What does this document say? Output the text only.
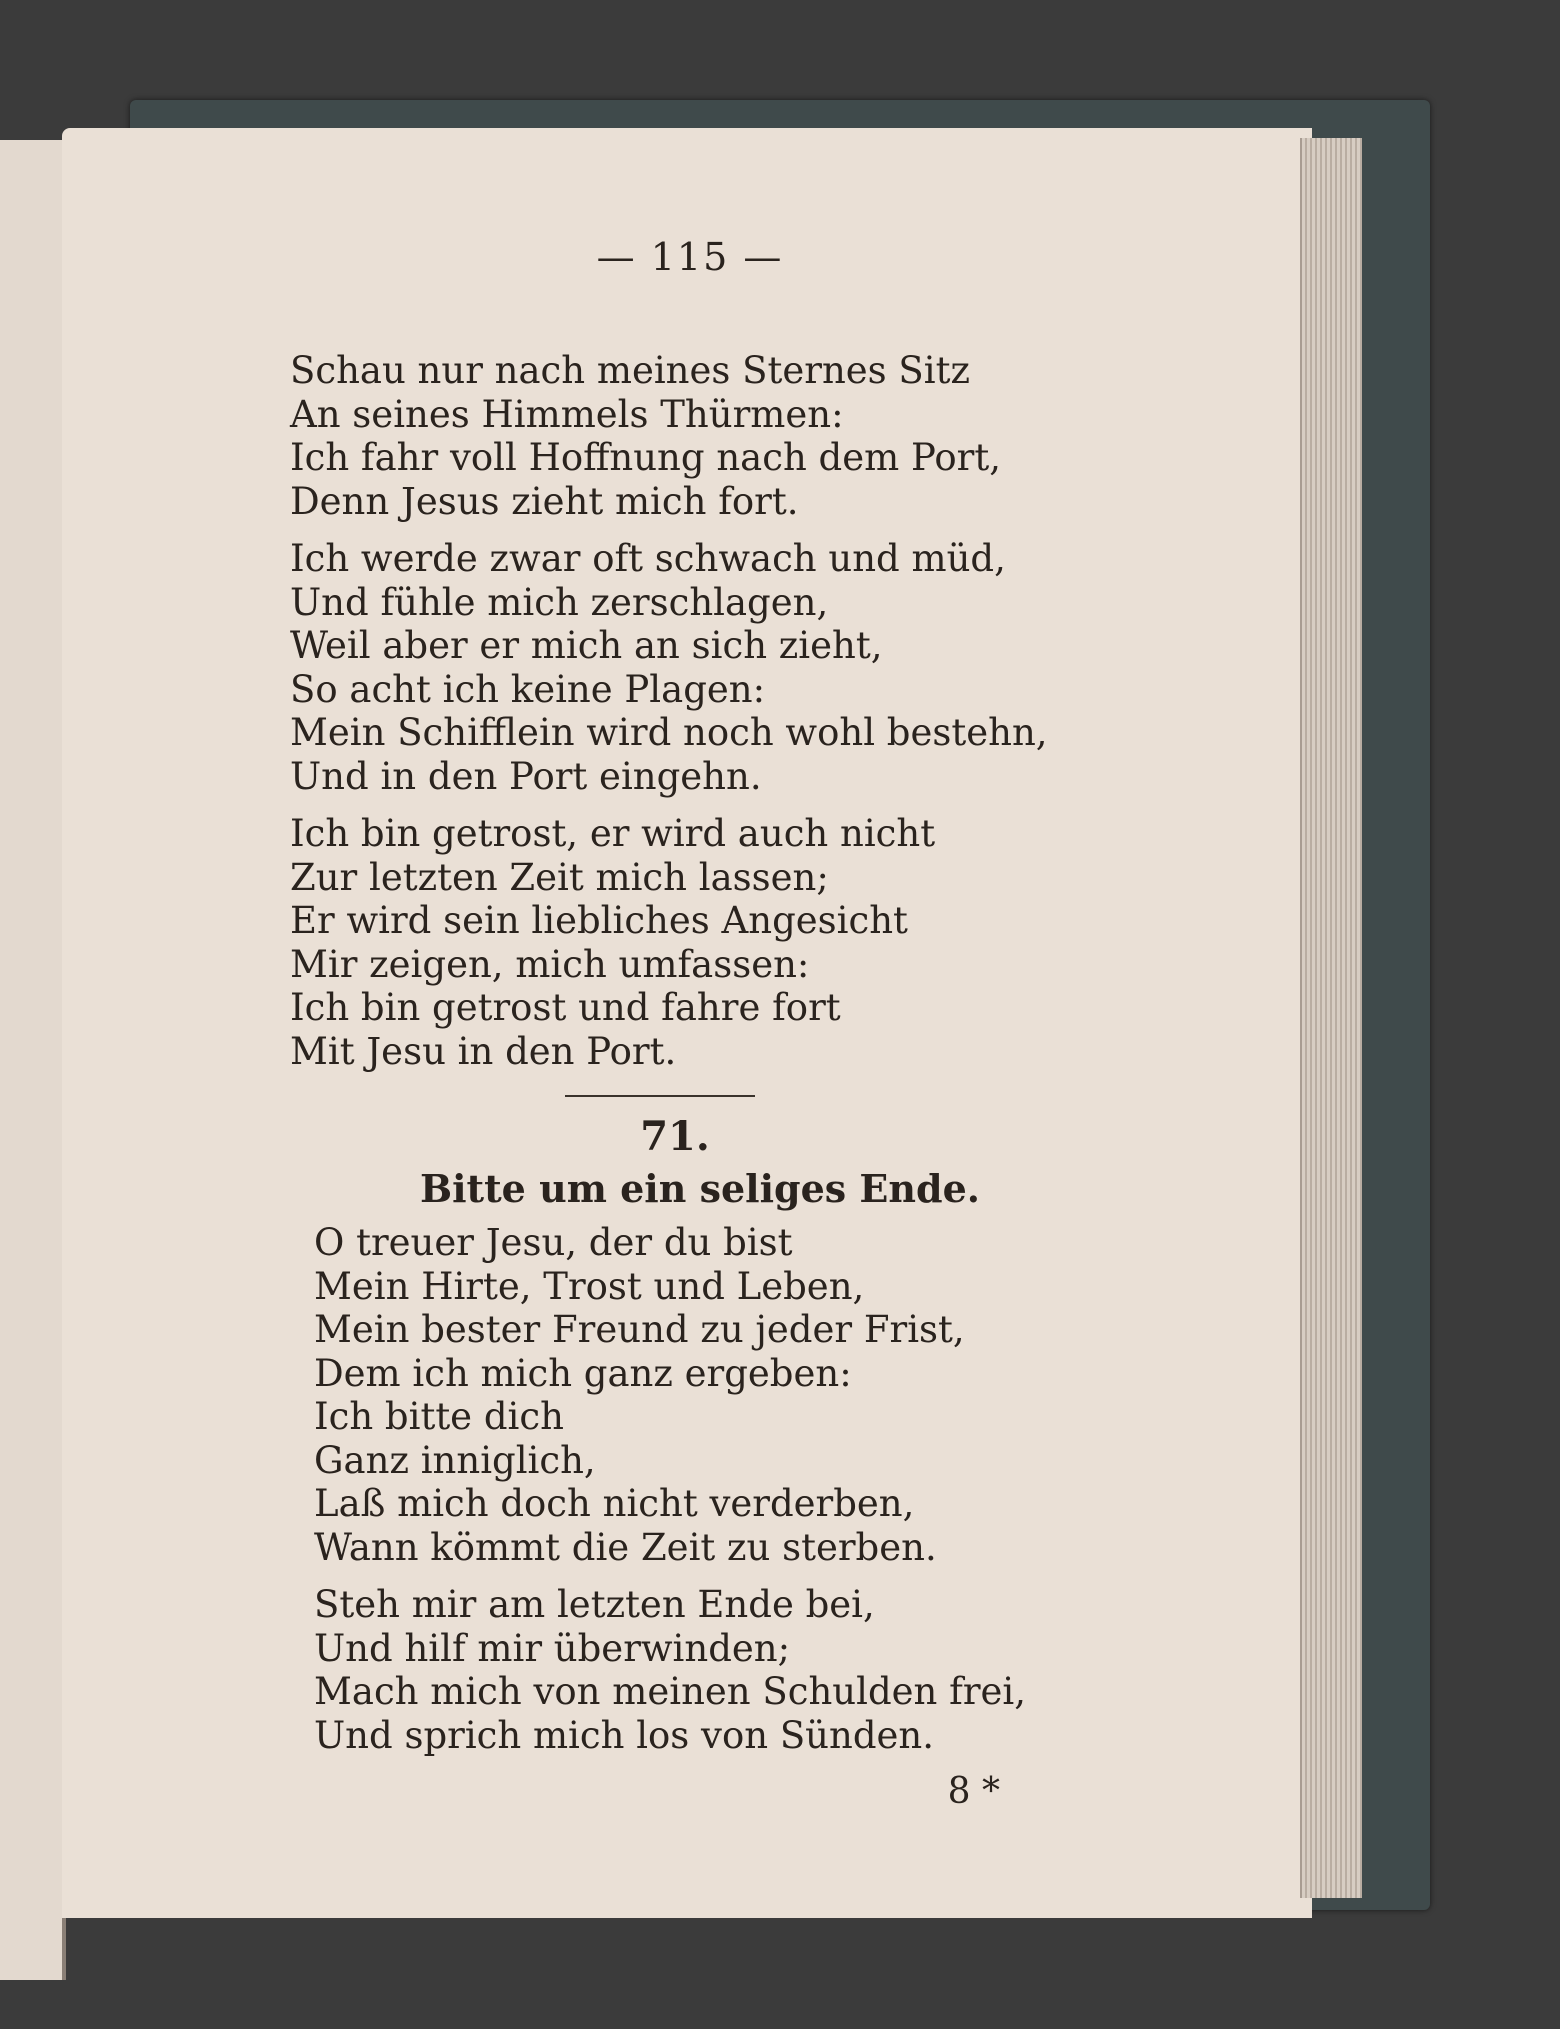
— 115 —
Schau nur nach meines Sternes Sitz
An seines Himmels Thürmen:
Ich fahr voll Hoffnung nach dem Port,
Denn Jesus zieht mich fort.
Ich werde zwar oft schwach und müd,
Und fühle mich zerschlagen,
Weil aber er mich an sich zieht,
So acht ich keine Plagen:
Mein Schifflein wird noch wohl bestehn,
Und in den Port eingehn.
Ich bin getrost, er wird auch nicht
Zur letzten Zeit mich lassen;
Er wird sein liebliches Angesicht
Mir zeigen, mich umfassen:
Ich bin getrost und fahre fort
Mit Jesu in den Port.
71.
Bitte um ein seliges Ende.
O treuer Jesu, der du bist
Mein Hirte, Trost und Leben,
Mein bester Freund zu jeder Frist,
Dem ich mich ganz ergeben:
Ich bitte dich
Ganz inniglich,
Laß mich doch nicht verderben,
Wann kömmt die Zeit zu sterben.
Steh mir am letzten Ende bei,
Und hilf mir überwinden;
Mach mich von meinen Schulden frei,
Und sprich mich los von Sünden.
8 *
